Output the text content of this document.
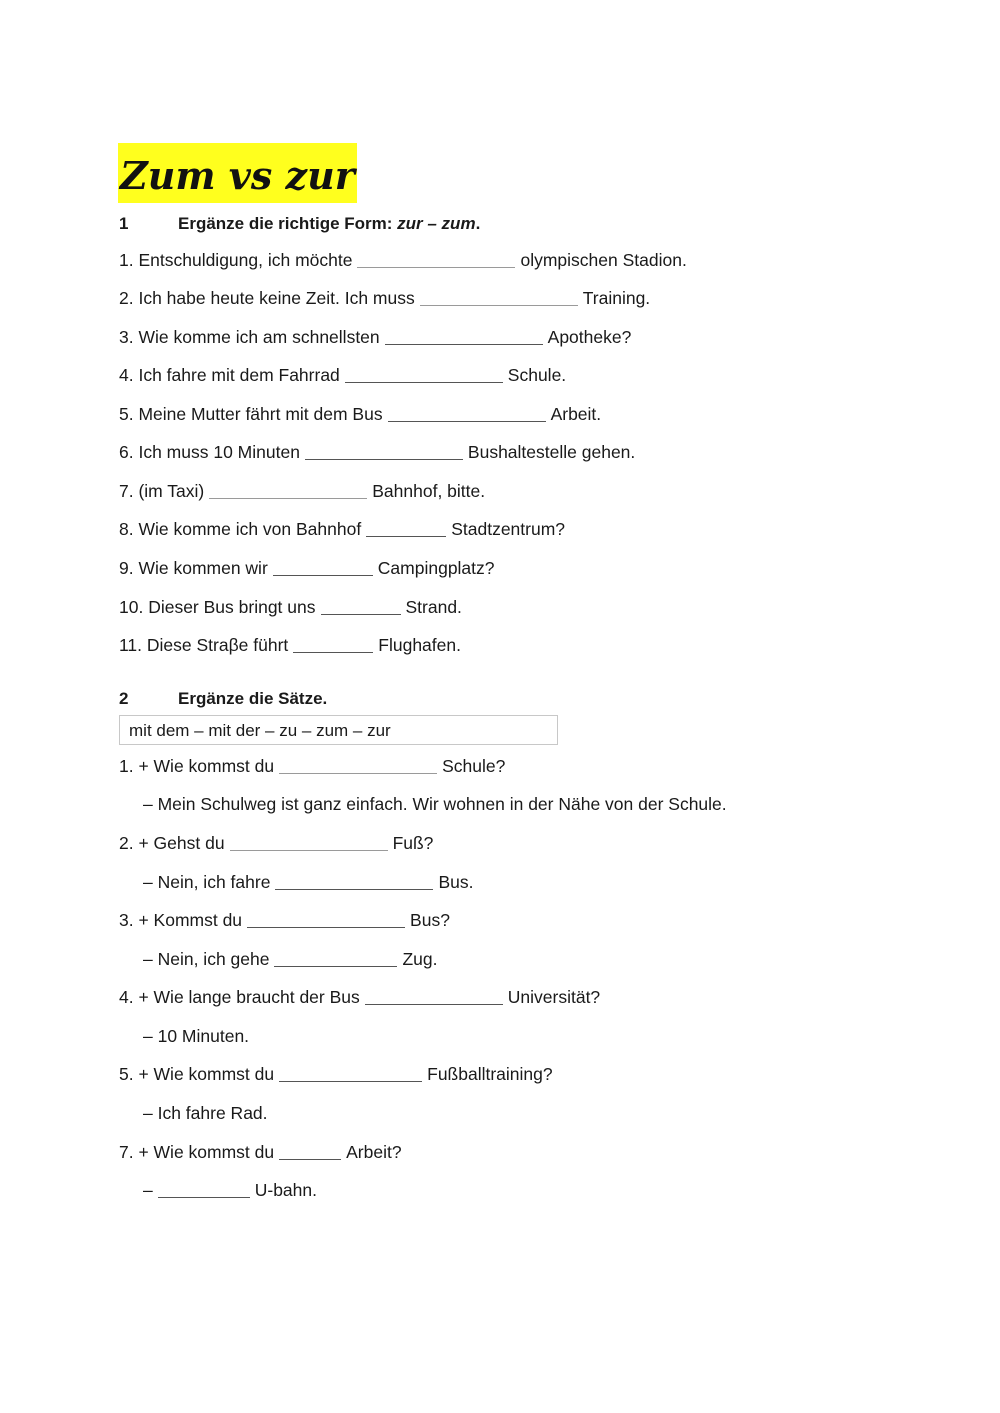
Zum vs zur
1	Ergänze die richtige Form: zur – zum.
1. Entschuldigung, ich möchte	olympischen Stadion.
2. Ich habe heute keine Zeit. Ich muss	Training.
3. Wie komme ich am schnellsten	Apotheke?
4. Ich fahre mit dem Fahrrad	Schule.
5. Meine Mutter fährt mit dem Bus	Arbeit.
6. Ich muss 10 Minuten	Bushaltestelle gehen.
7. (im Taxi)	Bahnhof, bitte.
8. Wie komme ich von Bahnhof	Stadtzentrum?
9. Wie kommen wir	Campingplatz?
10. Dieser Bus bringt uns	Strand.
11. Diese Straβe führt	Flughafen.
2	Ergänze die Sätze.
mit dem – mit der – zu – zum – zur
1. + Wie kommst du	Schule?
– Mein Schulweg ist ganz einfach. Wir wohnen in der Nähe von der Schule.
2. + Gehst du	Fuß?
– Nein, ich fahre	Bus.
3. + Kommst du	Bus?
– Nein, ich gehe	Zug.
4. + Wie lange braucht der Bus	Universität?
– 10 Minuten.
5. + Wie kommst du	Fußballtraining?
– Ich fahre Rad.
7. + Wie kommst du	Arbeit?
–	U-bahn.
